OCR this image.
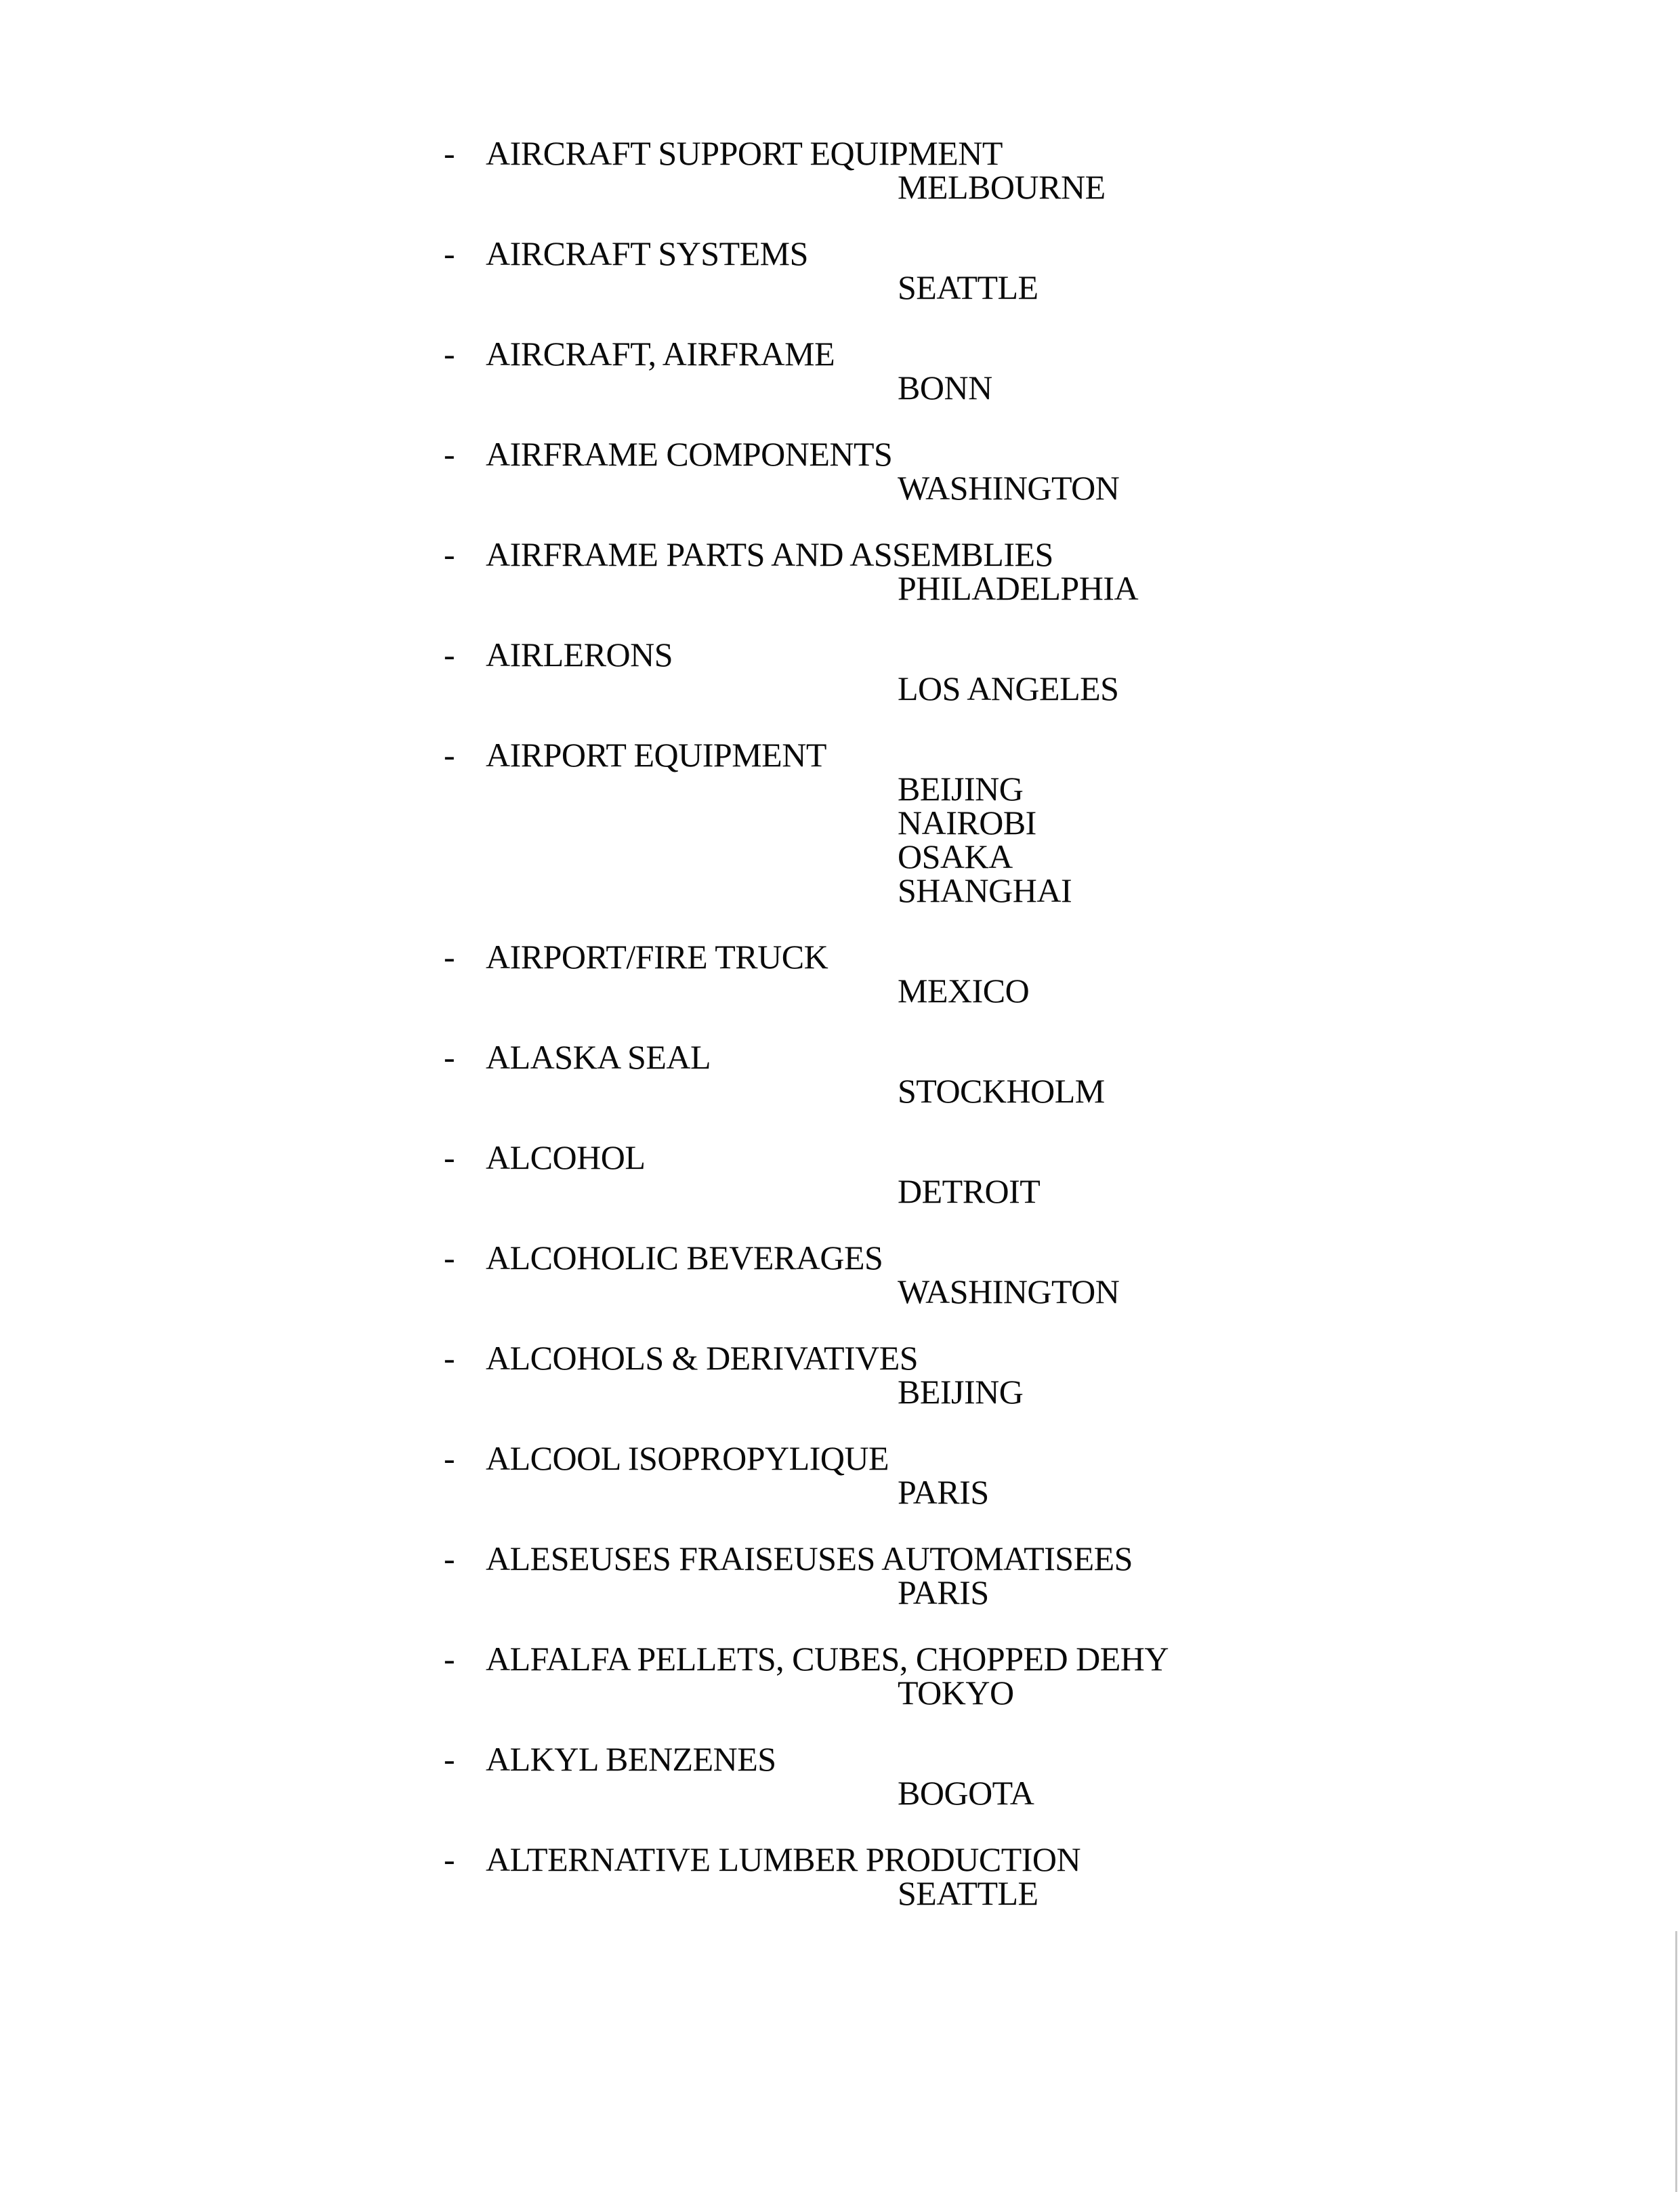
- AIRCRAFT SUPPORT EQUIPMENT
MELBOURNE
- AIRCRAFT SYSTEMS
SEATTLE
- AIRCRAFT, AIRFRAME
BONN
- AIRFRAME COMPONENTS
WASHINGTON
- AIRFRAME PARTS AND ASSEMBLIES
PHILADELPHIA
- AIRLERONS
LOS ANGELES
- AIRPORT EQUIPMENT
BEIJING
NAIROBI
OSAKA
SHANGHAI
- AIRPORT/FIRE TRUCK
MEXICO
- ALASKA SEAL
STOCKHOLM
- ALCOHOL
DETROIT
- ALCOHOLIC BEVERAGES
WASHINGTON
- ALCOHOLS & DERIVATIVES
BEIJING
- ALCOOL ISOPROPYLIQUE
PARIS
- ALESEUSES FRAISEUSES AUTOMATISEES
PARIS
- ALFALFA PELLETS, CUBES, CHOPPED DEHY
TOKYO
- ALKYL BENZENES
BOGOTA
- ALTERNATIVE LUMBER PRODUCTION
SEATTLE
